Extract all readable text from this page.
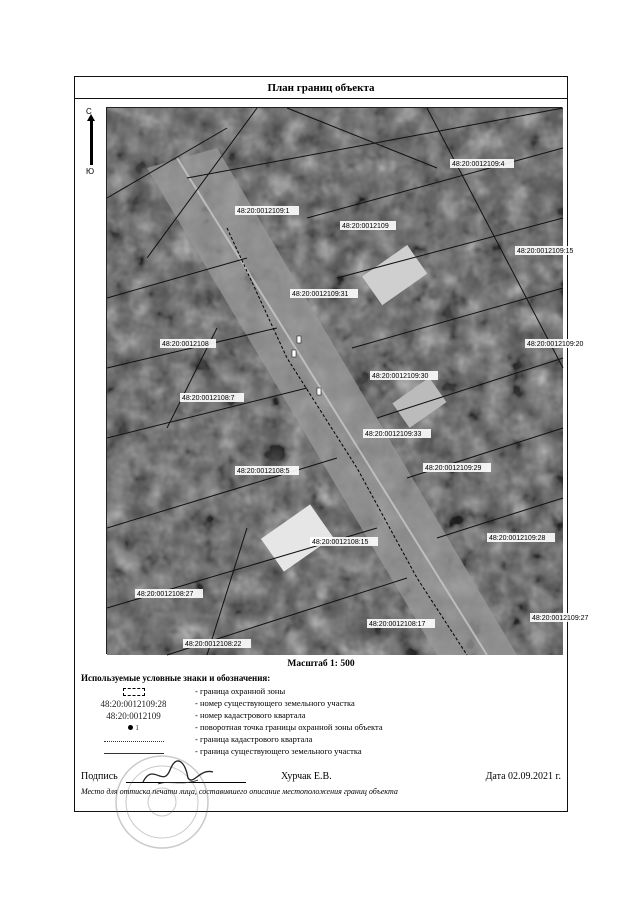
План границ объекта
С
Ю
48:20:0012109:4
48:20:0012109:1
48:20:0012109
48:20:0012109:15
48:20:0012109:31
48:20:0012108
48:20:0012109:30
48:20:0012109:20
48:20:0012108:7
48:20:0012109:33
48:20:0012108:5	48:20:0012109:29
48:20:0012108:15
48:20:0012109:28
48:20:0012108:27
48:20:0012108:17
48:20:0012109:27
48:20:0012108:22
Масштаб 1: 500
Используемые условные знаки и обозначения:
- граница охранной зоны
48:20:0012109:28	- номер существующего земельного участка
48:20:0012109	- номер кадастрового квартала
$^1$	- поворотная точка границы охранной зоны объекта
- граница кадастрового квартала
- граница существующего земельного участка
Подпись	Хурчак Е.В.	Дата 02.09.2021 г.
Место для оттиска печати лица, составившего описание местоположения границ объекта
